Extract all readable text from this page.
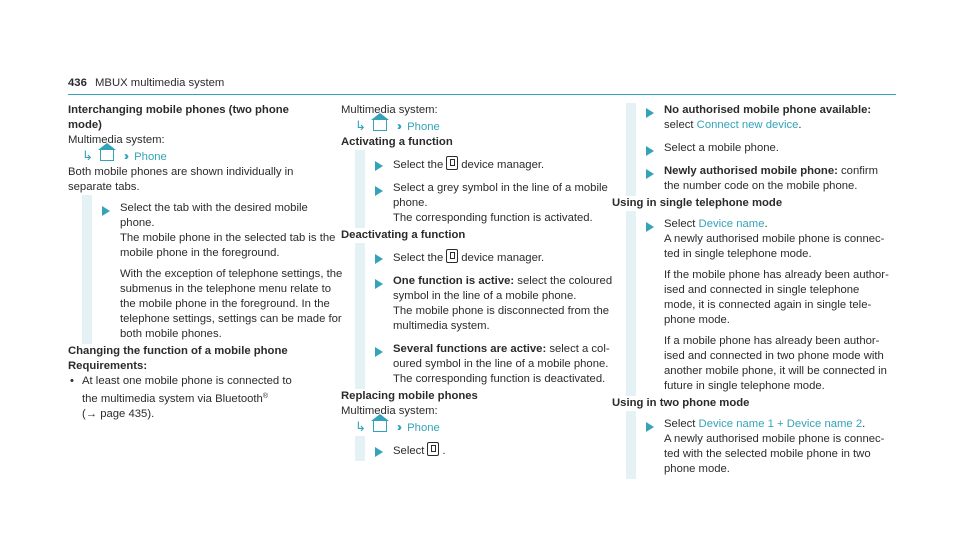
436 MBUX multimedia system
Interchanging mobile phones (two phone
mode)
Multimedia system:
↳	›› Phone
Both mobile phones are shown individually in
separate tabs.
Select the tab with the desired mobile
phone.
The mobile phone in the selected tab is the
mobile phone in the foreground.
With the exception of telephone settings, the
submenus in the telephone menu relate to
the mobile phone in the foreground. In the
telephone settings, settings can be made for
both mobile phones.
Changing the function of a mobile phone
Requirements:
• At least one mobile phone is connected to
the multimedia system via Bluetooth®
(→ page 435).
Multimedia system:
↳	›› Phone
Activating a function
Select the device manager.
Select a grey symbol in the line of a mobile
phone.
The corresponding function is activated.
Deactivating a function
Select the device manager.
One function is active: select the coloured
symbol in the line of a mobile phone.
The mobile phone is disconnected from the
multimedia system.
Several functions are active: select a col-
oured symbol in the line of a mobile phone.
The corresponding function is deactivated.
Replacing mobile phones
Multimedia system:
↳	›› Phone
Select .
No authorised mobile phone available:
select Connect new device.
Select a mobile phone.
Newly authorised mobile phone: confirm
the number code on the mobile phone.
Using in single telephone mode
Select Device name.
A newly authorised mobile phone is connec-
ted in single telephone mode.
If the mobile phone has already been author-
ised and connected in single telephone
mode, it is connected again in single tele-
phone mode.
If a mobile phone has already been author-
ised and connected in two phone mode with
another mobile phone, it will be connected in
future in single telephone mode.
Using in two phone mode
Select Device name 1 + Device name 2.
A newly authorised mobile phone is connec-
ted with the selected mobile phone in two
phone mode.
